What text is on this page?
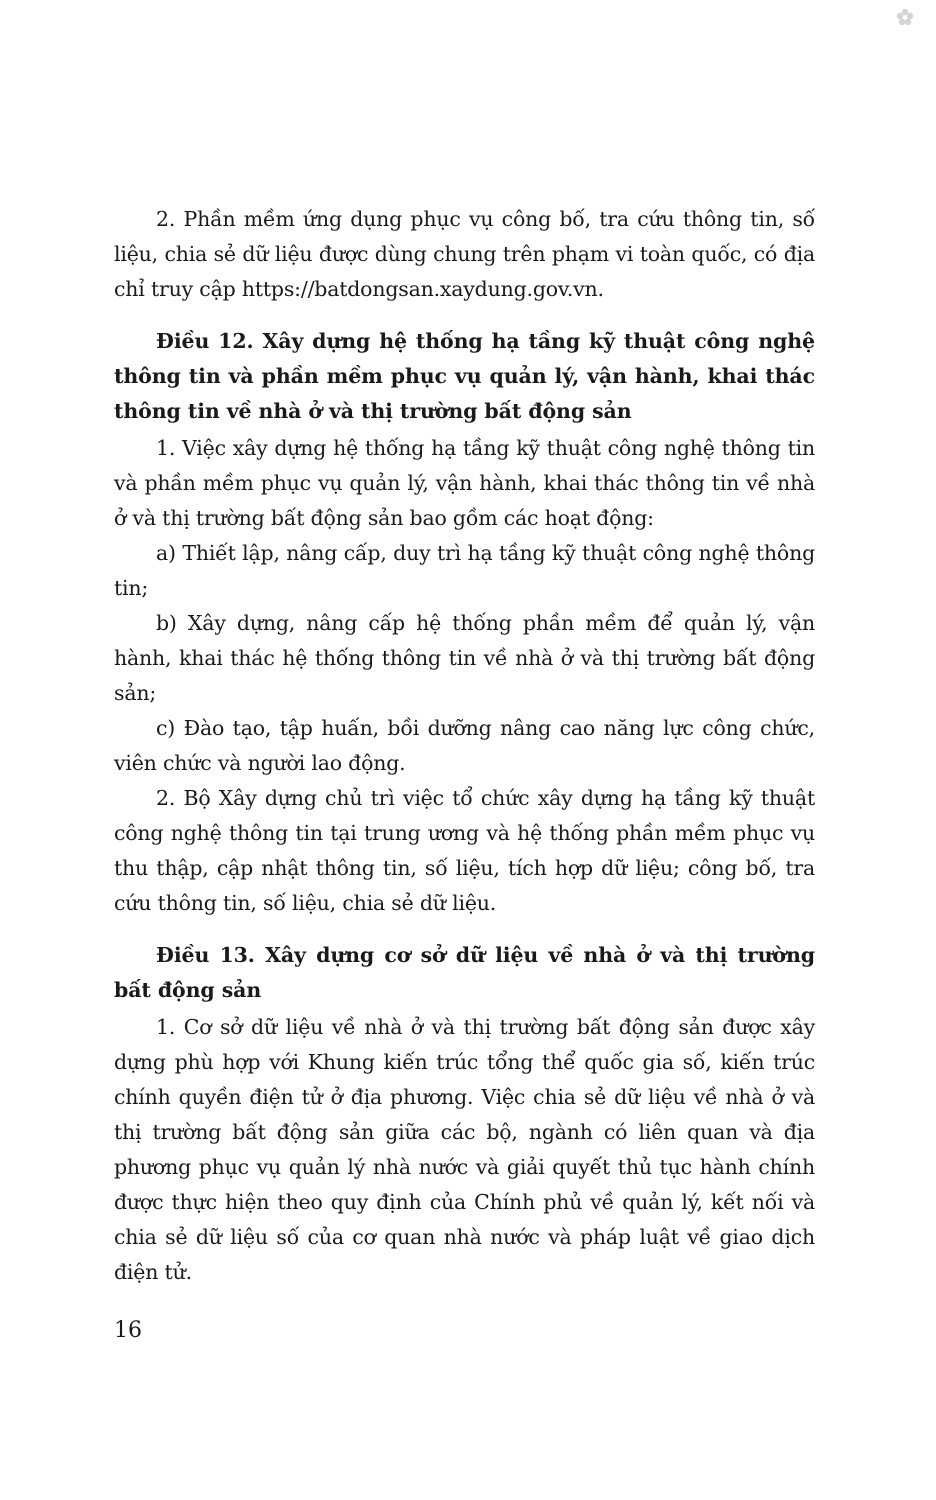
2. Phần mềm ứng dụng phục vụ công bố, tra cứu thông tin, số liệu, chia sẻ dữ liệu được dùng chung trên phạm vi toàn quốc, có địa chỉ truy cập https://batdongsan.xaydung.gov.vn.

Điều 12. Xây dựng hệ thống hạ tầng kỹ thuật công nghệ thông tin và phần mềm phục vụ quản lý, vận hành, khai thác thông tin về nhà ở và thị trường bất động sản

1. Việc xây dựng hệ thống hạ tầng kỹ thuật công nghệ thông tin và phần mềm phục vụ quản lý, vận hành, khai thác thông tin về nhà ở và thị trường bất động sản bao gồm các hoạt động:

a) Thiết lập, nâng cấp, duy trì hạ tầng kỹ thuật công nghệ thông tin;

b) Xây dựng, nâng cấp hệ thống phần mềm để quản lý, vận hành, khai thác hệ thống thông tin về nhà ở và thị trường bất động sản;

c) Đào tạo, tập huấn, bồi dưỡng nâng cao năng lực công chức, viên chức và người lao động.

2. Bộ Xây dựng chủ trì việc tổ chức xây dựng hạ tầng kỹ thuật công nghệ thông tin tại trung ương và hệ thống phần mềm phục vụ thu thập, cập nhật thông tin, số liệu, tích hợp dữ liệu; công bố, tra cứu thông tin, số liệu, chia sẻ dữ liệu.

Điều 13. Xây dựng cơ sở dữ liệu về nhà ở và thị trường bất động sản

1. Cơ sở dữ liệu về nhà ở và thị trường bất động sản được xây dựng phù hợp với Khung kiến trúc tổng thể quốc gia số, kiến trúc chính quyền điện tử ở địa phương. Việc chia sẻ dữ liệu về nhà ở và thị trường bất động sản giữa các bộ, ngành có liên quan và địa phương phục vụ quản lý nhà nước và giải quyết thủ tục hành chính được thực hiện theo quy định của Chính phủ về quản lý, kết nối và chia sẻ dữ liệu số của cơ quan nhà nước và pháp luật về giao dịch điện tử.

16
